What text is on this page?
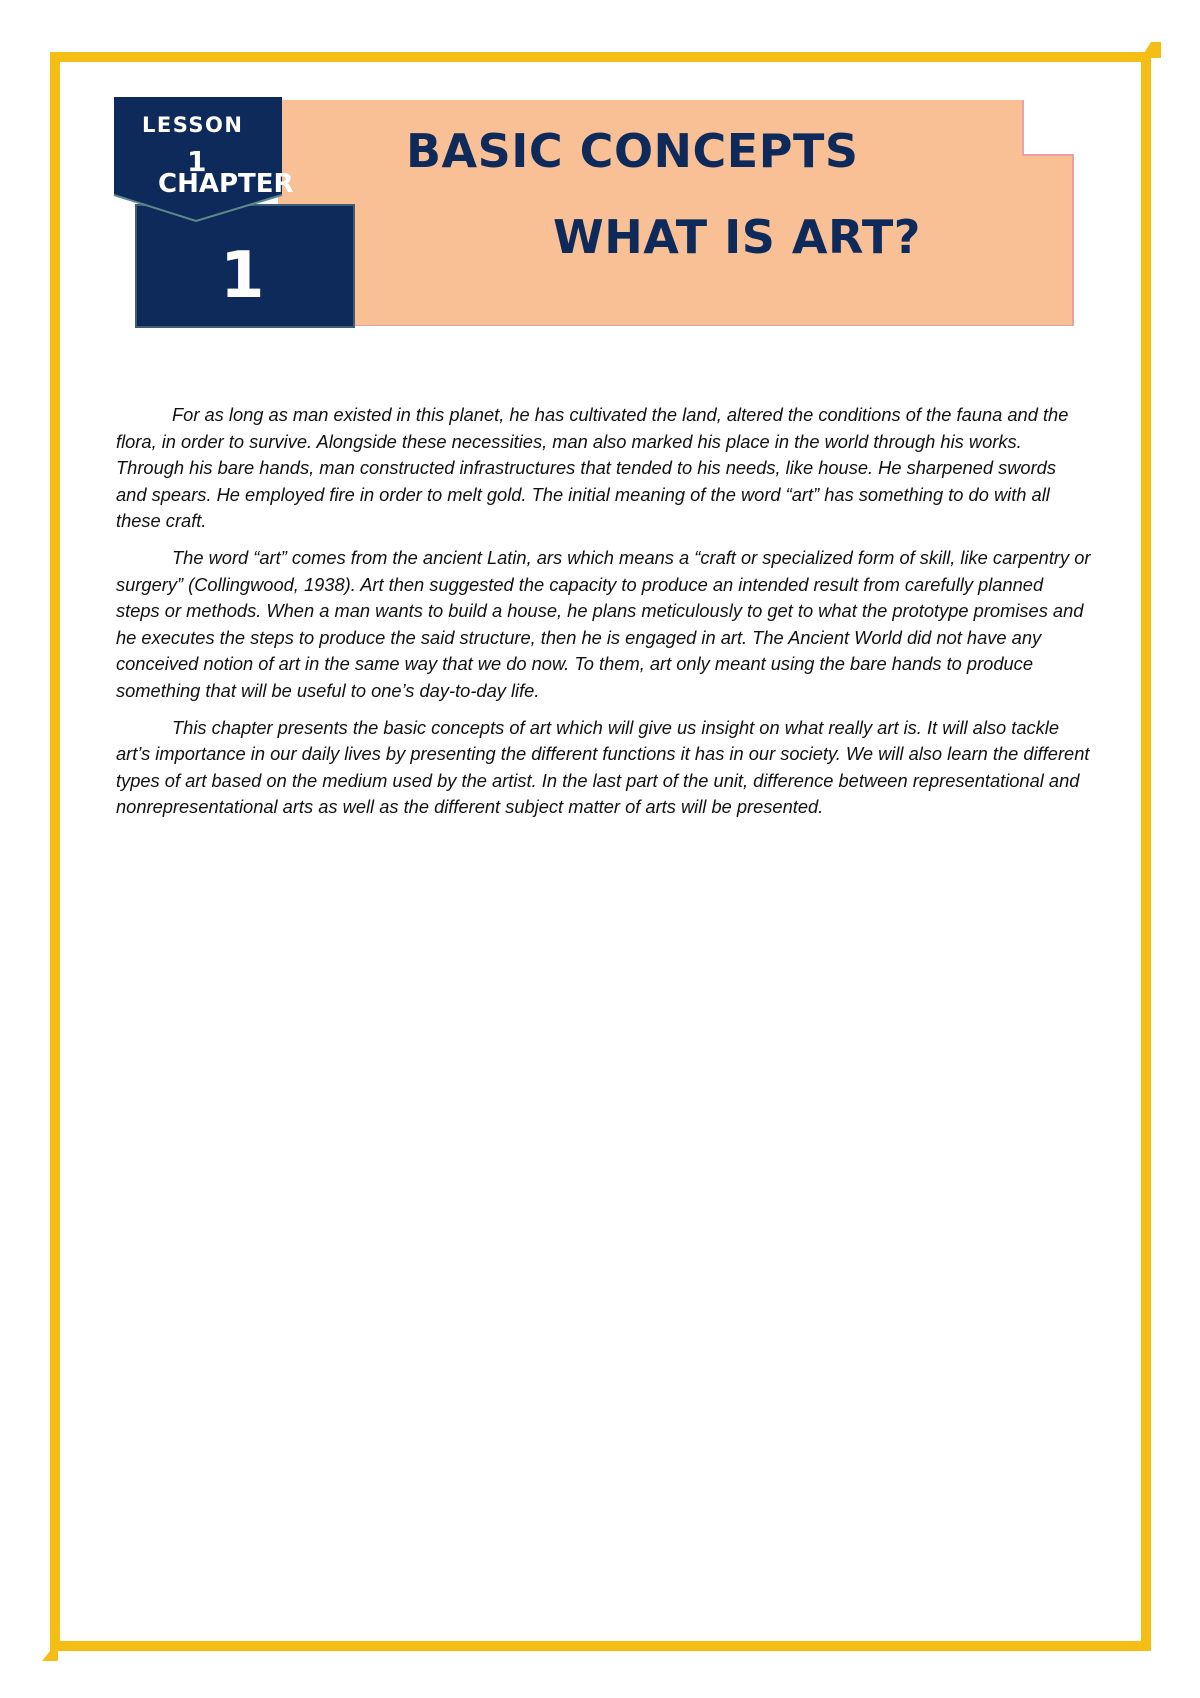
BASIC CONCEPTS
WHAT IS ART?
LESSON
1
CHAPTER
1

For as long as man existed in this planet, he has cultivated the land, altered the conditions of the fauna and the flora, in order to survive. Alongside these necessities, man also marked his place in the world through his works. Through his bare hands, man constructed infrastructures that tended to his needs, like house. He sharpened swords and spears. He employed fire in order to melt gold. The initial meaning of the word “art” has something to do with all these craft.

The word “art” comes from the ancient Latin, ars which means a “craft or specialized form of skill, like carpentry or surgery” (Collingwood, 1938). Art then suggested the capacity to produce an intended result from carefully planned steps or methods. When a man wants to build a house, he plans meticulously to get to what the prototype promises and he executes the steps to produce the said structure, then he is engaged in art. The Ancient World did not have any conceived notion of art in the same way that we do now. To them, art only meant using the bare hands to produce something that will be useful to one’s day-to-day life.

This chapter presents the basic concepts of art which will give us insight on what really art is. It will also tackle art’s importance in our daily lives by presenting the different functions it has in our society. We will also learn the different types of art based on the medium used by the artist. In the last part of the unit, difference between representational and nonrepresentational arts as well as the different subject matter of arts will be presented.
